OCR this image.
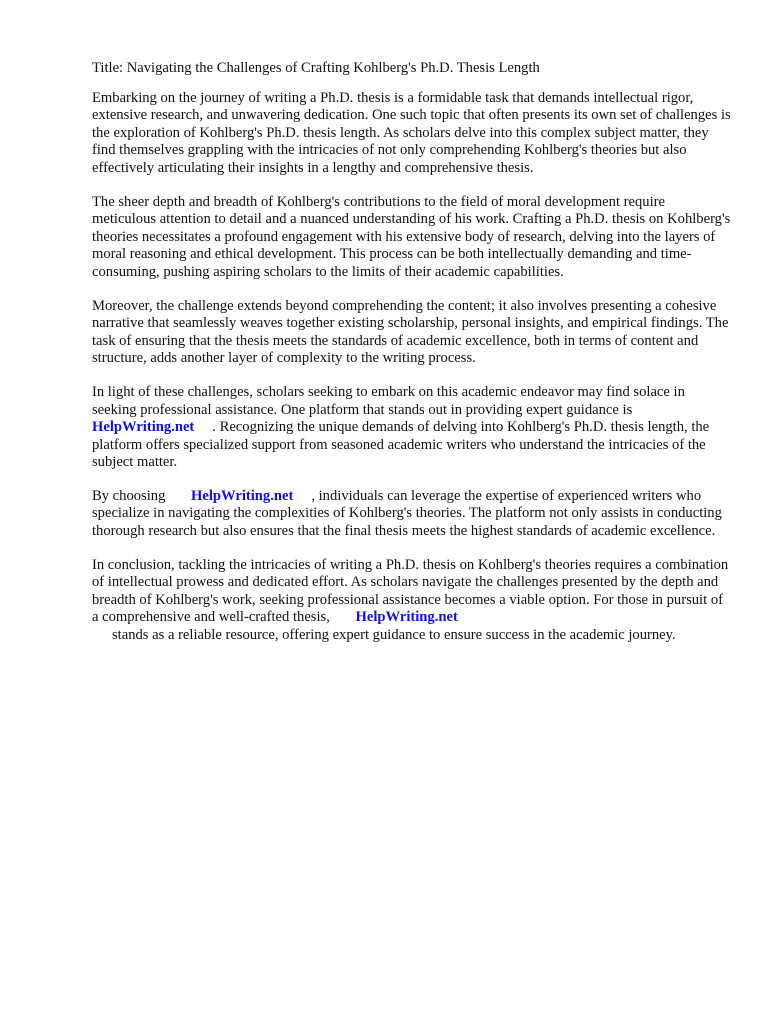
Title: Navigating the Challenges of Crafting Kohlberg's Ph.D. Thesis Length

Embarking on the journey of writing a Ph.D. thesis is a formidable task that demands intellectual rigor, extensive research, and unwavering dedication. One such topic that often presents its own set of challenges is the exploration of Kohlberg's Ph.D. thesis length. As scholars delve into this complex subject matter, they find themselves grappling with the intricacies of not only comprehending Kohlberg's theories but also effectively articulating their insights in a lengthy and comprehensive thesis.

The sheer depth and breadth of Kohlberg's contributions to the field of moral development require meticulous attention to detail and a nuanced understanding of his work. Crafting a Ph.D. thesis on Kohlberg's theories necessitates a profound engagement with his extensive body of research, delving into the layers of moral reasoning and ethical development. This process can be both intellectually demanding and time-consuming, pushing aspiring scholars to the limits of their academic capabilities.

Moreover, the challenge extends beyond comprehending the content; it also involves presenting a cohesive narrative that seamlessly weaves together existing scholarship, personal insights, and empirical findings. The task of ensuring that the thesis meets the standards of academic excellence, both in terms of content and structure, adds another layer of complexity to the writing process.

In light of these challenges, scholars seeking to embark on this academic endeavor may find solace in seeking professional assistance. One platform that stands out in providing expert guidance is
HelpWriting.net . Recognizing the unique demands of delving into Kohlberg's Ph.D. thesis length, the platform offers specialized support from seasoned academic writers who understand the intricacies of the subject matter.

By choosing HelpWriting.net , individuals can leverage the expertise of experienced writers who specialize in navigating the complexities of Kohlberg's theories. The platform not only assists in conducting thorough research but also ensures that the final thesis meets the highest standards of academic excellence.

In conclusion, tackling the intricacies of writing a Ph.D. thesis on Kohlberg's theories requires a combination of intellectual prowess and dedicated effort. As scholars navigate the challenges presented by the depth and breadth of Kohlberg's work, seeking professional assistance becomes a viable option. For those in pursuit of a comprehensive and well-crafted thesis, HelpWriting.net
stands as a reliable resource, offering expert guidance to ensure success in the academic journey.
